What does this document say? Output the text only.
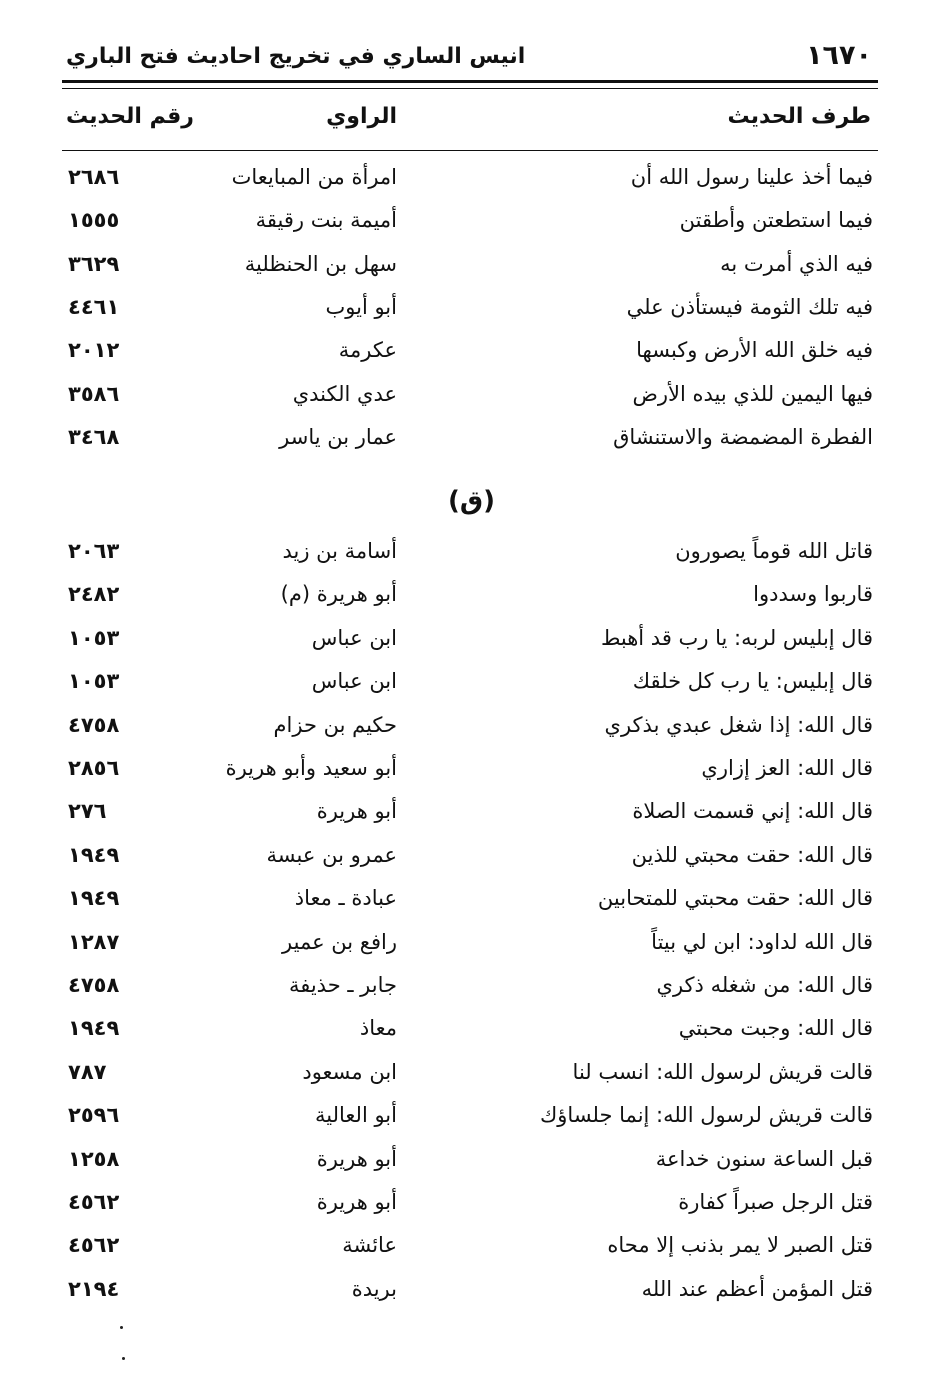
١٦٧٠
انيس الساري في تخريج احاديث فتح الباري
طرف الحديث
الراوي
رقم الحديث
فيما أخذ علينا رسول الله أن
امرأة من المبايعات
٢٦٨٦
فيما استطعتن وأطقتن
أميمة بنت رقيقة
١٥٥٥
فيه الذي أمرت به
سهل بن الحنظلية
٣٦٢٩
فيه تلك الثومة فيستأذن علي
أبو أيوب
٤٤٦١
فيه خلق الله الأرض وكبسها
عكرمة
٢٠١٢
فيها اليمين للذي بيده الأرض
عدي الكندي
٣٥٨٦
الفطرة المضمضة والاستنشاق
عمار بن ياسر
٣٤٦٨
(ق)
قاتل الله قوماً يصورون
أسامة بن زيد
٢٠٦٣
قاربوا وسددوا
أبو هريرة (م)
٢٤٨٢
قال إبليس لربه: يا رب قد أهبط
ابن عباس
١٠٥٣
قال إبليس: يا رب كل خلقك
ابن عباس
١٠٥٣
قال الله: إذا شغل عبدي بذكري
حكيم بن حزام
٤٧٥٨
قال الله: العز إزاري
أبو سعيد وأبو هريرة
٢٨٥٦
قال الله: إني قسمت الصلاة
أبو هريرة
٢٧٦
قال الله: حقت محبتي للذين
عمرو بن عبسة
١٩٤٩
قال الله: حقت محبتي للمتحابين
عبادة ـ معاذ
١٩٤٩
قال الله لداود: ابن لي بيتاً
رافع بن عمير
١٢٨٧
قال الله: من شغله ذكري
جابر ـ حذيفة
٤٧٥٨
قال الله: وجبت محبتي
معاذ
١٩٤٩
قالت قريش لرسول الله: انسب لنا
ابن مسعود
٧٨٧
قالت قريش لرسول الله: إنما جلساؤك
أبو العالية
٢٥٩٦
قبل الساعة سنون خداعة
أبو هريرة
١٢٥٨
قتل الرجل صبراً كفارة
أبو هريرة
٤٥٦٢
قتل الصبر لا يمر بذنب إلا محاه
عائشة
٤٥٦٢
قتل المؤمن أعظم عند الله
بريدة
٢١٩٤
